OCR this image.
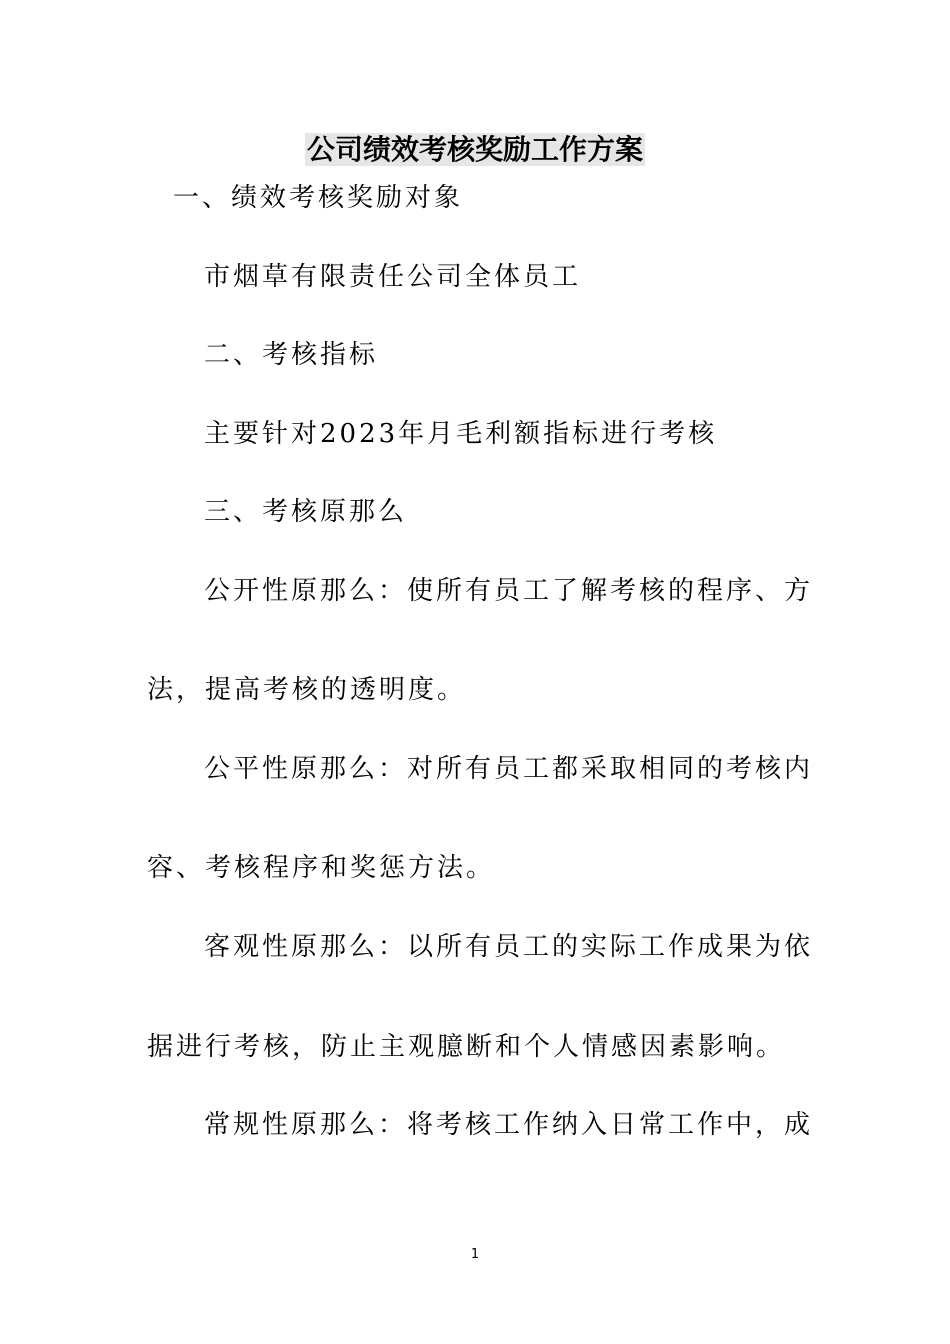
公司绩效考核奖励工作方案
一、绩效考核奖励对象
市烟草有限责任公司全体员工
二、考核指标
主要针对2023年月毛利额指标进行考核
三、考核原那么
公开性原那么：使所有员工了解考核的程序、方
法，提高考核的透明度。
公平性原那么：对所有员工都采取相同的考核内
容、考核程序和奖惩方法。
客观性原那么：以所有员工的实际工作成果为依
据进行考核，防止主观臆断和个人情感因素影响。
常规性原那么：将考核工作纳入日常工作中，成
1
